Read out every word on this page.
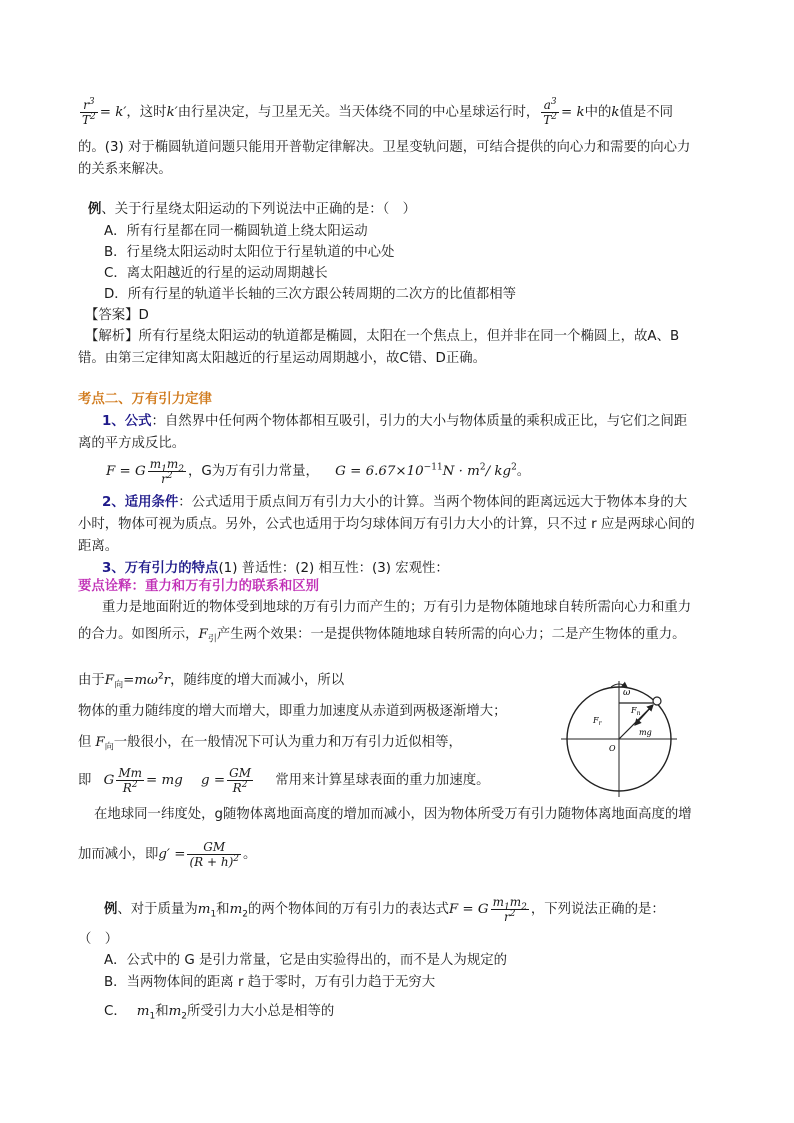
$\frac{r^3}{T^2} = k'$，这时k′由行星决定，与卫星无关。当天体绕不同的中心星球运行时， $\frac{a^3}{T^2} = k$中的k值是不同
的。(3) 对于椭圆轨道问题只能用开普勒定律解决。卫星变轨问题，可结合提供的向心力和需要的向心力
的关系来解决。
例、关于行星绕太阳运动的下列说法中正确的是：（　）
A．所有行星都在同一椭圆轨道上绕太阳运动
B．行星绕太阳运动时太阳位于行星轨道的中心处
C．离太阳越近的行星的运动周期越长
D．所有行星的轨道半长轴的三次方跟公转周期的二次方的比值都相等
【答案】D
【解析】所有行星绕太阳运动的轨道都是椭圆，太阳在一个焦点上，但并非在同一个椭圆上，故A、B
错。由第三定律知离太阳越近的行星运动周期越小，故C错、D正确。
考点二、万有引力定律
1、公式：自然界中任何两个物体都相互吸引，引力的大小与物体质量的乘积成正比，与它们之间距
离的平方成反比。
F = G $\frac{m_1m_2}{r^2}$ ，G为万有引力常量， $G = 6.67\times 10^{-11}N \cdot m^2/$ $kg^2$。
2、适用条件：公式适用于质点间万有引力大小的计算。当两个物体间的距离远远大于物体本身的大
小时，物体可视为质点。另外，公式也适用于均匀球体间万有引力大小的计算，只不过 r 应是两球心间的
距离。
3、万有引力的特点(1) 普适性：(2) 相互性：(3) 宏观性：
要点诠释：重力和万有引力的联系和区别
重力是地面附近的物体受到地球的万有引力而产生的；万有引力是物体随地球自转所需向心力和重力
的合力。如图所示，$F_引$产生两个效果：一是提供物体随地球自转所需的向心力；二是产生物体的重力。
由于$F_向=m\omega^2r$，随纬度的增大而减小，所以
物体的重力随纬度的增大而增大，即重力加速度从赤道到两极逐渐增大；
但 $F_向$一般很小，在一般情况下可认为重力和万有引力近似相等，
即 G $\frac{Mm}{R^2}$ = mg $g = \frac{GM}{R^2}$ 常用来计算星球表面的重力加速度。
在地球同一纬度处，g随物体离地面高度的增加而减小，因为物体所受万有引力随物体离地面高度的增
加而减小，即$g' = \frac{GM}{(R + h)^2}$ 。
例、对于质量为$m_1$和$m_2$的两个物体间的万有引力的表达式F = G $\frac{m_1m_2}{r^2}$ ，下列说法正确的是：
（　）
A．公式中的 G 是引力常量，它是由实验得出的，而不是人为规定的
B．当两物体间的距离 r 趋于零时，万有引力趋于无穷大
C． $m_1$和$m_2$所受引力大小总是相等的
ω
$F_n$
$F_r$
mg
O
